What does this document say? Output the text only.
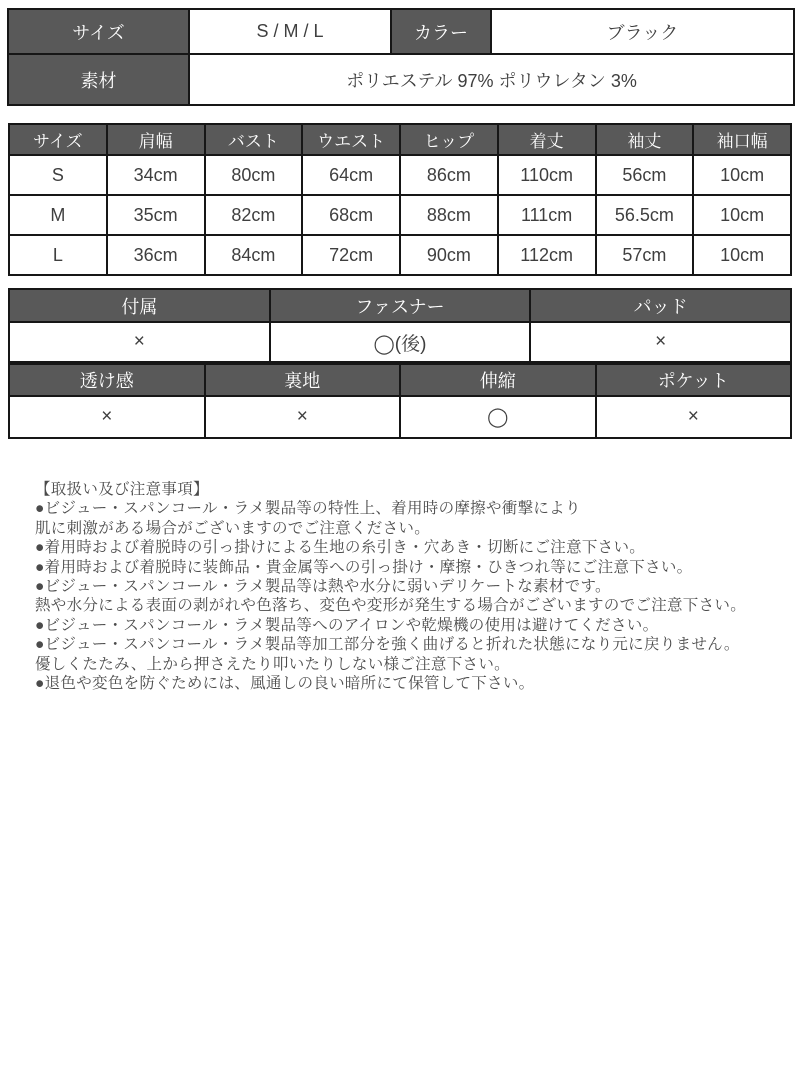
サイズ	S / M / L	カラー	ブラック
素材	ポリエステル 97% ポリウレタン 3%		
サイズ	肩幅	バスト	ウエスト	ヒップ	着丈	袖丈	袖口幅
S	34cm	80cm	64cm	86cm	110cm	56cm	10cm
M	35cm	82cm	68cm	88cm	111cm	56.5cm	10cm
L	36cm	84cm	72cm	90cm	112cm	57cm	10cm
付属	ファスナー	パッド
×	◯(後)	×
透け感	裏地	伸縮	ポケット
×	×	◯	×
【取扱い及び注意事項】
●ビジュー・スパンコール・ラメ製品等の特性上、着用時の摩擦や衝撃により
肌に刺激がある場合がございますのでご注意ください。
●着用時および着脱時の引っ掛けによる生地の糸引き・穴あき・切断にご注意下さい。
●着用時および着脱時に装飾品・貴金属等への引っ掛け・摩擦・ひきつれ等にご注意下さい。
●ビジュー・スパンコール・ラメ製品等は熱や水分に弱いデリケートな素材です。
熱や水分による表面の剥がれや色落ち、変色や変形が発生する場合がございますのでご注意下さい。
●ビジュー・スパンコール・ラメ製品等へのアイロンや乾燥機の使用は避けてください。
●ビジュー・スパンコール・ラメ製品等加工部分を強く曲げると折れた状態になり元に戻りません。
優しくたたみ、上から押さえたり叩いたりしない様ご注意下さい。
●退色や変色を防ぐためには、風通しの良い暗所にて保管して下さい。
